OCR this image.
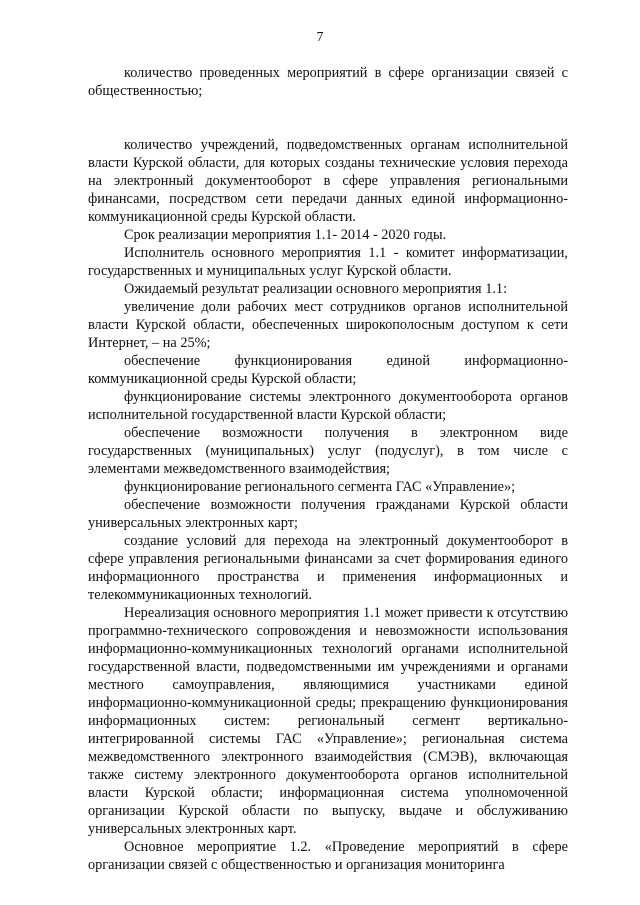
7

количество проведенных мероприятий в сфере организации связей с общественностью;

количество учреждений, подведомственных органам исполнительной власти Курской области, для которых созданы технические условия перехода на электронный документооборот в сфере управления региональными финансами, посредством сети передачи данных единой информационно-коммуникационной среды Курской области.

Срок реализации мероприятия 1.1- 2014 - 2020 годы.

Исполнитель основного мероприятия 1.1 - комитет информатизации, государственных и муниципальных услуг Курской области.

Ожидаемый результат реализации основного мероприятия 1.1:

увеличение доли рабочих мест сотрудников органов исполнительной власти Курской области, обеспеченных широкополосным доступом к сети Интернет, – на 25%;

обеспечение функционирования единой информационно-коммуникационной среды Курской области;

функционирование системы электронного документооборота органов исполнительной государственной власти Курской области;

обеспечение возможности получения в электронном виде государственных (муниципальных) услуг (подуслуг), в том числе с элементами межведомственного взаимодействия;

функционирование регионального сегмента ГАС «Управление»;

обеспечение возможности получения гражданами Курской области универсальных электронных карт;

создание условий для перехода на электронный документооборот в сфере управления региональными финансами за счет формирования единого информационного пространства и применения информационных и телекоммуникационных технологий.

Нереализация основного мероприятия 1.1 может привести к отсутствию программно-технического сопровождения и невозможности использования информационно-коммуникационных технологий органами исполнительной государственной власти, подведомственными им учреждениями и органами местного самоуправления, являющимися участниками единой информационно-коммуникационной среды; прекращению функционирования информационных систем: региональный сегмент вертикально-интегрированной системы ГАС «Управление»; региональная система межведомственного электронного взаимодействия (СМЭВ), включающая также систему электронного документооборота органов исполнительной власти Курской области; информационная система уполномоченной организации Курской области по выпуску, выдаче и обслуживанию универсальных электронных карт.

Основное мероприятие 1.2. «Проведение мероприятий в сфере организации связей с общественностью и организация мониторинга
